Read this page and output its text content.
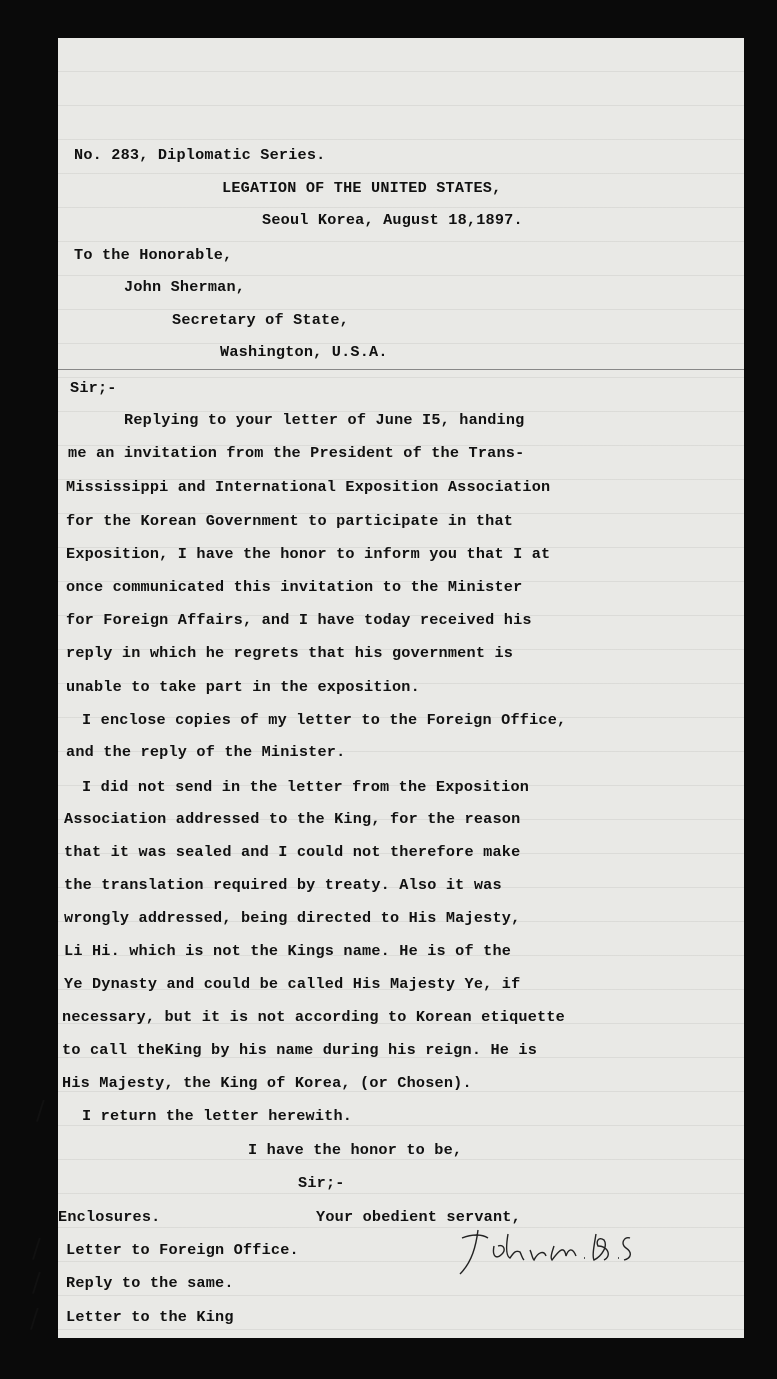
No. 283, Diplomatic Series.
LEGATION OF THE UNITED STATES,
Seoul Korea, August 18,1897.
To the Honorable,
John Sherman,
Secretary of State,
Washington, U.S.A.
Sir;-
Replying to your letter of June I5, handing
me an invitation from the President of the Trans-
Mississippi and International Exposition Association
for the Korean Government to participate in that
Exposition, I have the honor to inform you that I at
once communicated this invitation to the Minister
for Foreign Affairs, and I have today received his
reply in which he regrets that his government is
unable to take part in the exposition.
I enclose copies of my letter to the Foreign Office,
and the reply of the Minister.
I did not send in the letter from the Exposition
Association addressed to the King, for the reason
that it was sealed and I could not therefore make
the translation required by treaty. Also it was
wrongly addressed, being directed to His Majesty,
Li Hi. which is not the Kings name. He is of the
Ye Dynasty and could be called His Majesty Ye, if
necessary, but it is not according to Korean etiquette
to call theKing by his name during his reign. He is
His Majesty, the King of Korea, (or Chosen).
I return the letter herewith.
I have the honor to be,
Sir;-
Enclosures.	Your obedient servant,
Letter to Foreign Office.
Reply to the same.
Letter to the King
/
/
/
/
